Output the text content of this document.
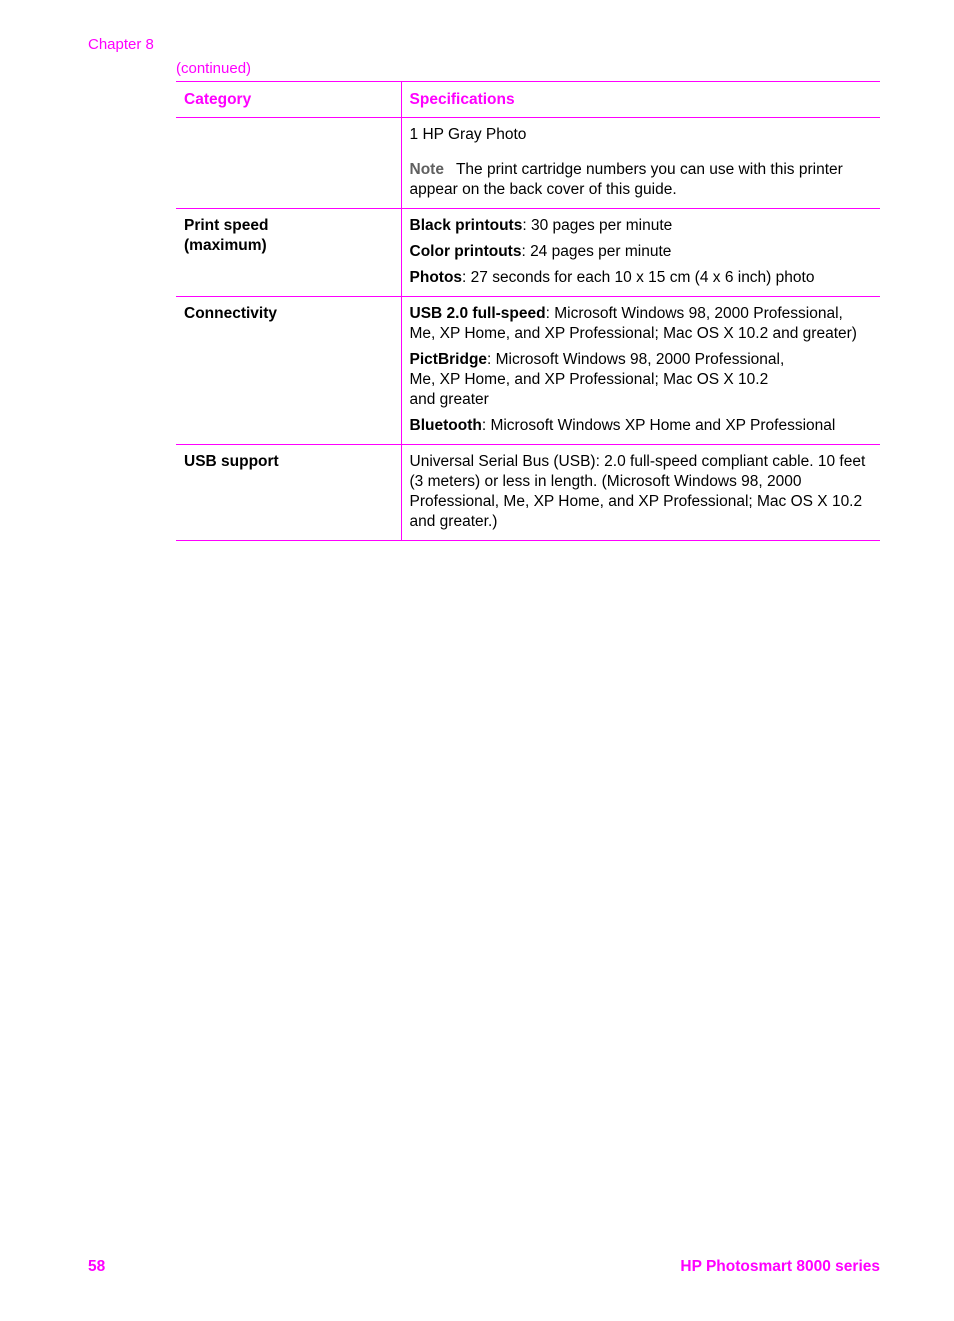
Chapter 8
(continued)
Category	Specifications

	1 HP Gray Photo

Note The print cartridge numbers you can use with this printer appear on the back cover of this guide.

Print speed (maximum)	Black printouts: 30 pages per minute

Color printouts: 24 pages per minute

Photos: 27 seconds for each 10 x 15 cm (4 x 6 inch) photo

Connectivity	USB 2.0 full-speed: Microsoft Windows 98, 2000 Professional, Me, XP Home, and XP Professional; Mac OS X 10.2 and greater)

PictBridge: Microsoft Windows 98, 2000 Professional, Me, XP Home, and XP Professional; Mac OS X 10.2 and greater

Bluetooth: Microsoft Windows XP Home and XP Professional

USB support	Universal Serial Bus (USB): 2.0 full-speed compliant cable. 10 feet (3 meters) or less in length. (Microsoft Windows 98, 2000 Professional, Me, XP Home, and XP Professional; Mac OS X 10.2 and greater.)

58	HP Photosmart 8000 series
